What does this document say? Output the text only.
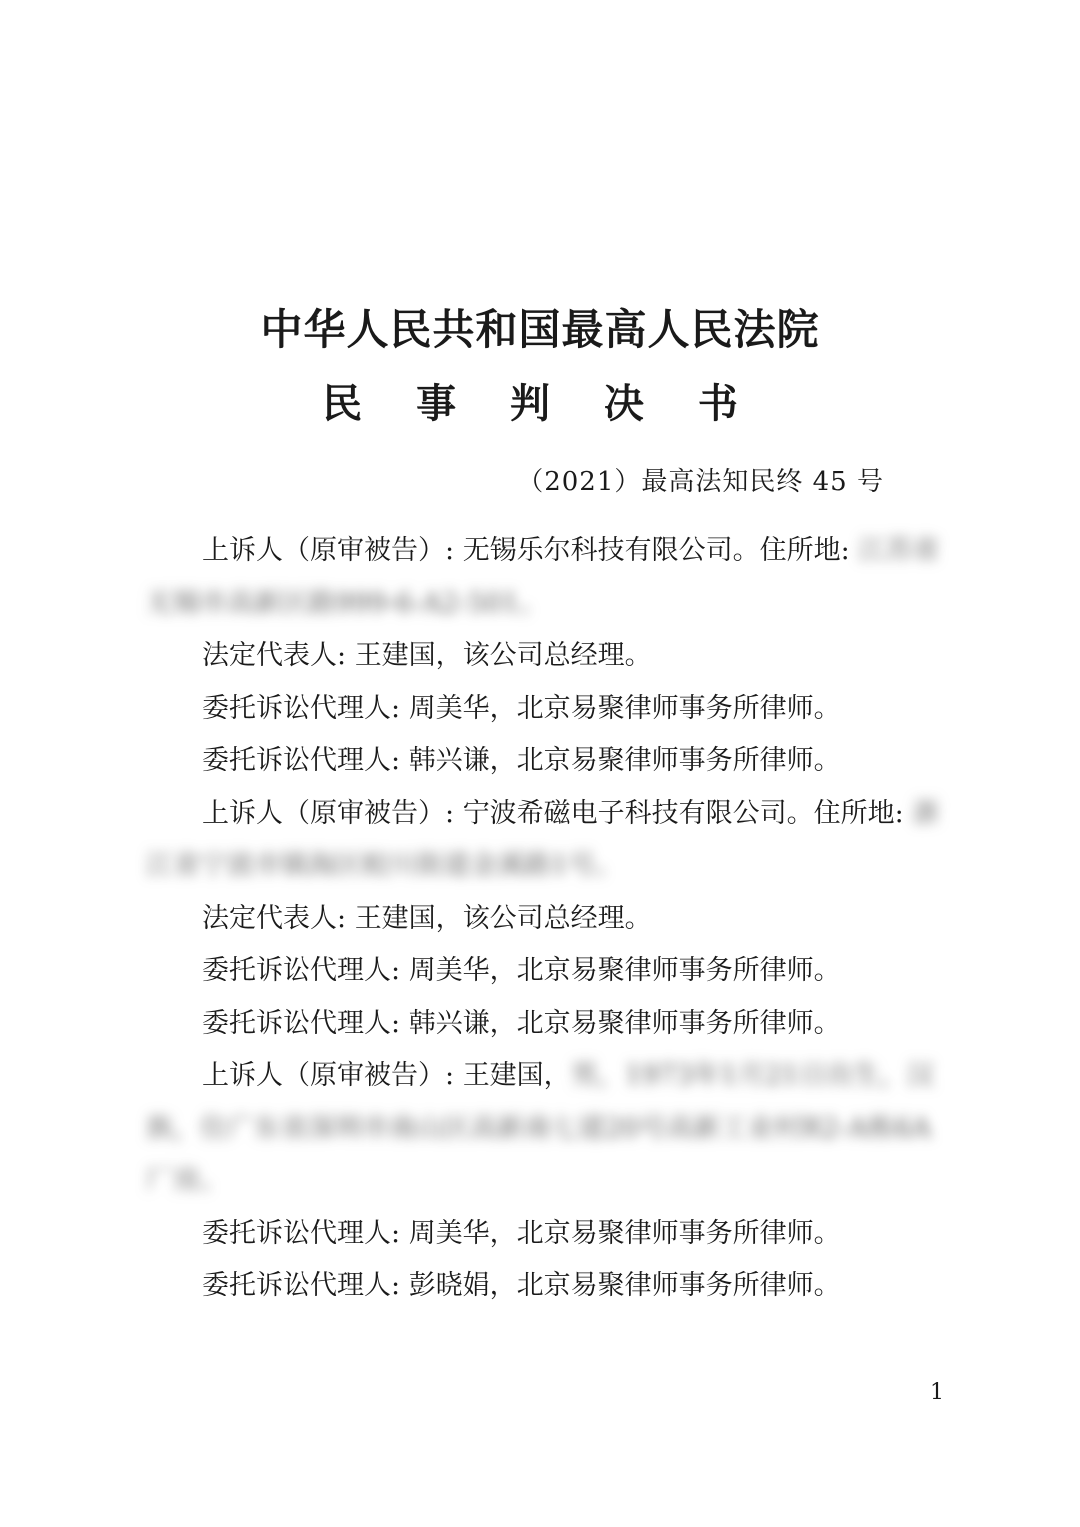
中华人民共和国最高人民法院
民 事 判 决 书
（2021）最高法知民终 45 号

上诉人（原审被告）: 无锡乐尔科技有限公司。住所地: 江苏省无锡市高新区路999-6-A2-501。

法定代表人: 王建国，该公司总经理。

委托诉讼代理人: 周美华，北京易聚律师事务所律师。

委托诉讼代理人: 韩兴谦，北京易聚律师事务所律师。

上诉人（原审被告）: 宁波希磁电子科技有限公司。住所地: 浙江省宁波市镇海区蛟川街道金溪路1号。

法定代表人: 王建国，该公司总经理。

委托诉讼代理人: 周美华，北京易聚律师事务所律师。

委托诉讼代理人: 韩兴谦，北京易聚律师事务所律师。

上诉人（原审被告）: 王建国，男，1973年1月21日出生，汉族，住广东省深圳市南山区高新南七道20号高新工业村R2-A栋6A厂房。

委托诉讼代理人: 周美华，北京易聚律师事务所律师。

委托诉讼代理人: 彭晓娟，北京易聚律师事务所律师。

1
